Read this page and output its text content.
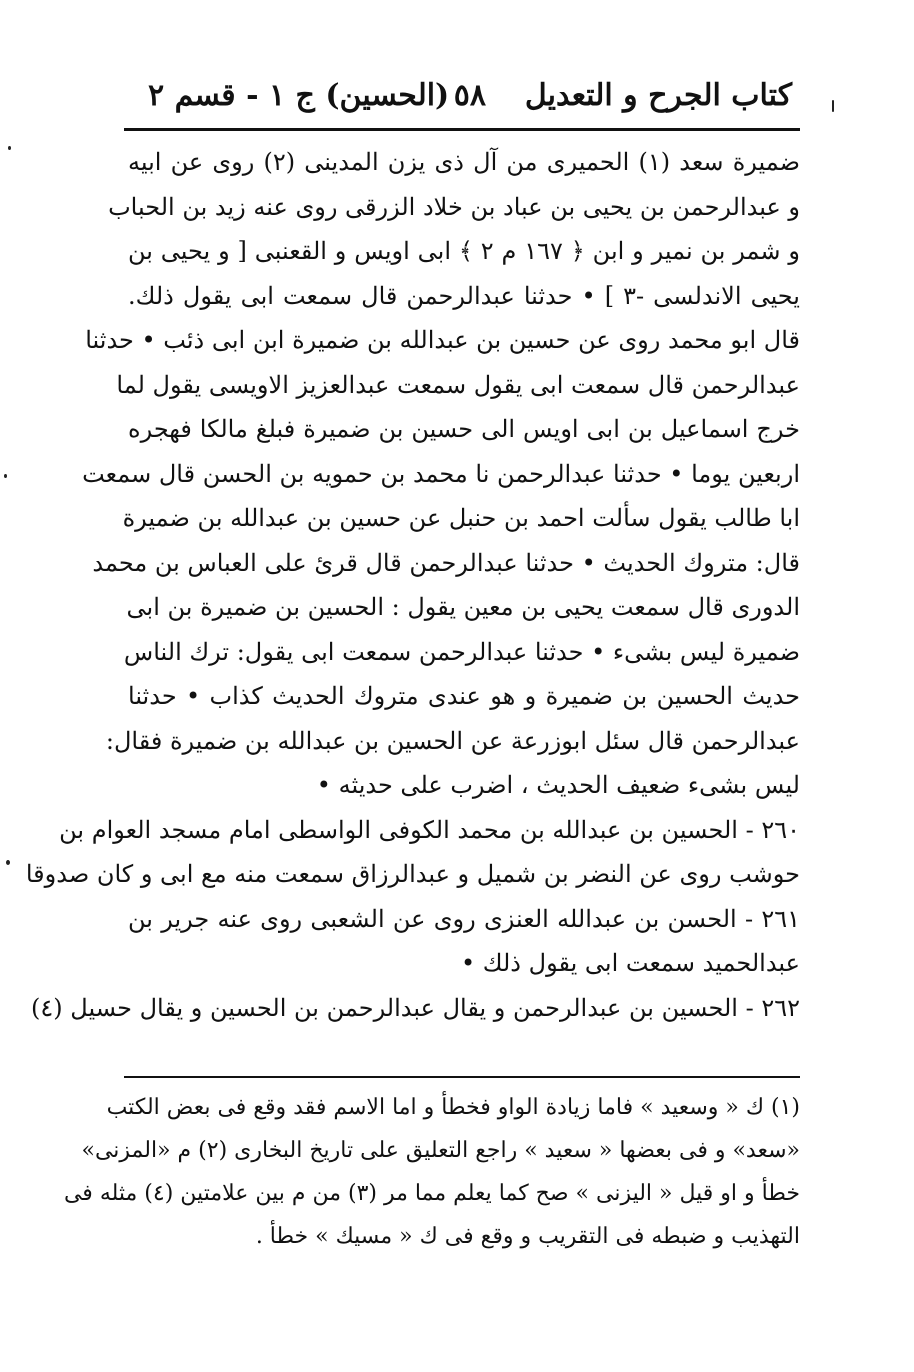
كتاب الجرح و التعديل
٥٨
(الحسين) ج ١ - قسم ٢
ضميرة سعد (١) الحميرى من آل ذى يزن المدينى (٢) روى عن ابيه
و عبدالرحمن بن يحيى بن عباد بن خلاد الزرقى روى عنه زيد بن الحباب
و شمر بن نمير و ابن ﴿ ١٦٧ م ٢ ﴾ ابى اويس و القعنبى [ و يحيى بن
يحيى الاندلسى -٣ ] • حدثنا عبدالرحمن قال سمعت ابى يقول ذلك.
قال ابو محمد روى عن حسين بن عبدالله بن ضميرة ابن ابى ذئب • حدثنا
عبدالرحمن قال سمعت ابى يقول سمعت عبدالعزيز الاويسى يقول لما
خرج اسماعيل بن ابى اويس الى حسين بن ضميرة فبلغ مالكا فهجره
اربعين يوما • حدثنا عبدالرحمن نا محمد بن حمويه بن الحسن قال سمعت
ابا طالب يقول سألت احمد بن حنبل عن حسين بن عبدالله بن ضميرة
قال: متروك الحديث • حدثنا عبدالرحمن قال قرئ على العباس بن محمد
الدورى قال سمعت يحيى بن معين يقول : الحسين بن ضميرة بن ابى
ضميرة ليس بشىء • حدثنا عبدالرحمن سمعت ابى يقول: ترك الناس
حديث الحسين بن ضميرة و هو عندى متروك الحديث كذاب • حدثنا
عبدالرحمن قال سئل ابوزرعة عن الحسين بن عبدالله بن ضميرة فقال:
ليس بشىء ضعيف الحديث ، اضرب على حديثه •
٢٦٠ - الحسين بن عبدالله بن محمد الكوفى الواسطى امام مسجد العوام بن
حوشب روى عن النضر بن شميل و عبدالرزاق سمعت منه مع ابى و كان صدوقا
٢٦١ - الحسن بن عبدالله العنزى روى عن الشعبى روى عنه جرير بن
عبدالحميد سمعت ابى يقول ذلك •
٢٦٢ - الحسين بن عبدالرحمن و يقال عبدالرحمن بن الحسين و يقال حسيل (٤)
(١) ك « وسعيد » فاما زيادة الواو فخطأ و اما الاسم فقد وقع فى بعض الكتب
«سعد» و فى بعضها « سعيد » راجع التعليق على تاريخ البخارى (٢) م «المزنى»
خطأ و او قيل « اليزنى » صح كما يعلم مما مر (٣) من م بين علامتين (٤) مثله فى
التهذيب و ضبطه فى التقريب و وقع فى ك « مسيك » خطأ .
